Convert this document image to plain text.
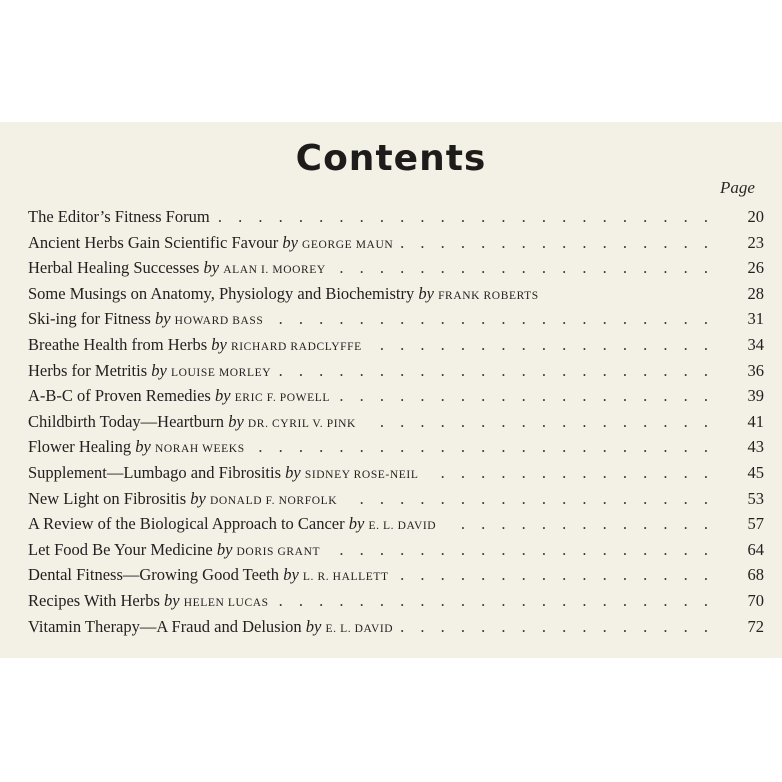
Contents
Page
The Editor’s Fitness Forum . . .	20
Ancient Herbs Gain Scientific Favour by GEORGE MAUN . . .	23
Herbal Healing Successes by ALAN I. MOOREY . . .	26
Some Musings on Anatomy, Physiology and Biochemistry by FRANK ROBERTS	28
Ski-ing for Fitness by HOWARD BASS . . .	31
Breathe Health from Herbs by RICHARD RADCLYFFE . . .	34
Herbs for Metritis by LOUISE MORLEY . . .	36
A-B-C of Proven Remedies by ERIC F. POWELL . . .	39
Childbirth Today—Heartburn by DR. CYRIL V. PINK . . .	41
Flower Healing by NORAH WEEKS . . .	43
Supplement—Lumbago and Fibrositis by SIDNEY ROSE-NEIL . . .	45
New Light on Fibrositis by DONALD F. NORFOLK . . .	53
A Review of the Biological Approach to Cancer by E. L. DAVID . . .	57
Let Food Be Your Medicine by DORIS GRANT . . .	64
Dental Fitness—Growing Good Teeth by L. R. HALLETT . . .	68
Recipes With Herbs by HELEN LUCAS . . .	70
Vitamin Therapy—A Fraud and Delusion by E. L. DAVID . . .	72
